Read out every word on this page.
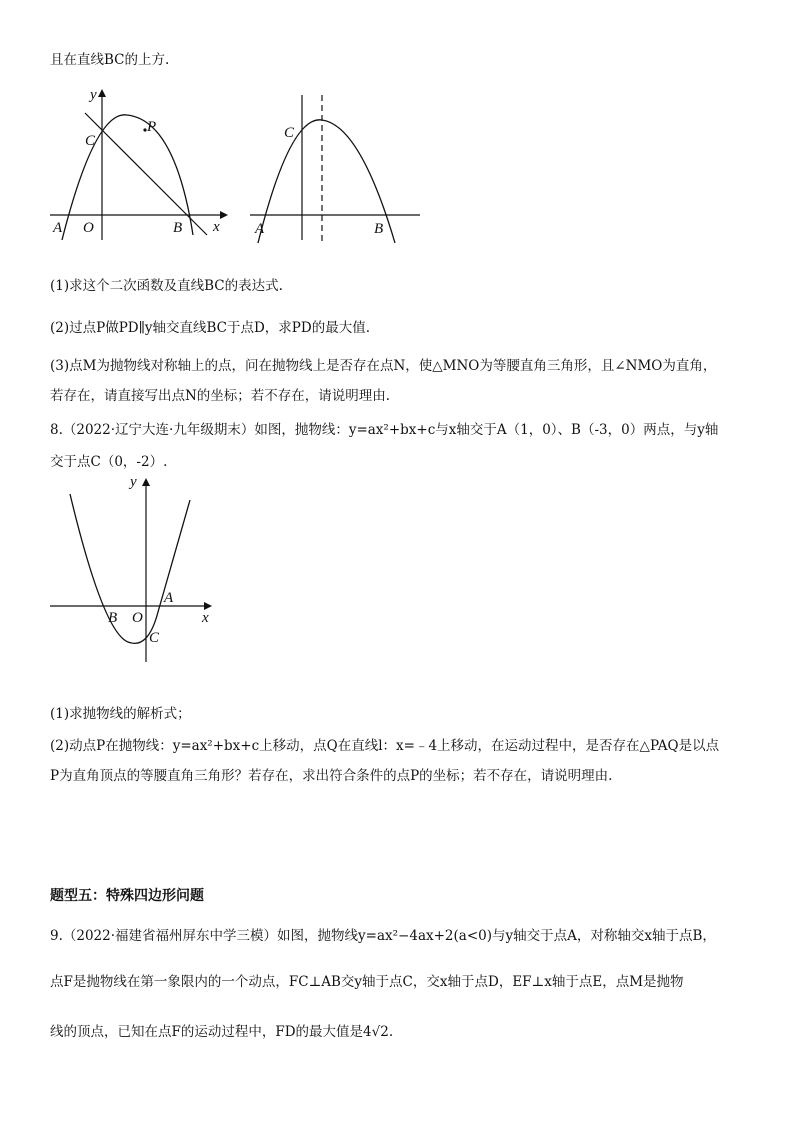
且在直线BC的上方.
y
x
C
P
A O	B
C
A	B
(1)求这个二次函数及直线BC的表达式.
(2)过点P做PD∥y轴交直线BC于点D，求PD的最大值.
(3)点M为抛物线对称轴上的点，问在抛物线上是否存在点N，使△MNO为等腰直角三角形，且∠NMO为直角，
若存在，请直接写出点N的坐标；若不存在，请说明理由.
8.（2022·辽宁大连·九年级期末）如图，抛物线：y=ax²+bx+c与x轴交于A（1，0）、B（-3，0）两点，与y轴
交于点C（0，-2）.
y
x
B O
A
C
(1)求抛物线的解析式；
(2)动点P在抛物线：y=ax²+bx+c上移动，点Q在直线l：x=﹣4上移动，在运动过程中，是否存在△PAQ是以点
P为直角顶点的等腰直角三角形？若存在，求出符合条件的点P的坐标；若不存在，请说明理由.
题型五：特殊四边形问题
9.（2022·福建省福州屏东中学三模）如图，抛物线y=ax²−4ax+2(a<0)与y轴交于点A，对称轴交x轴于点B，
点F是抛物线在第一象限内的一个动点，FC⊥AB交y轴于点C，交x轴于点D，EF⊥x轴于点E，点M是抛物
线的顶点，已知在点F的运动过程中，FD的最大值是4√2.
